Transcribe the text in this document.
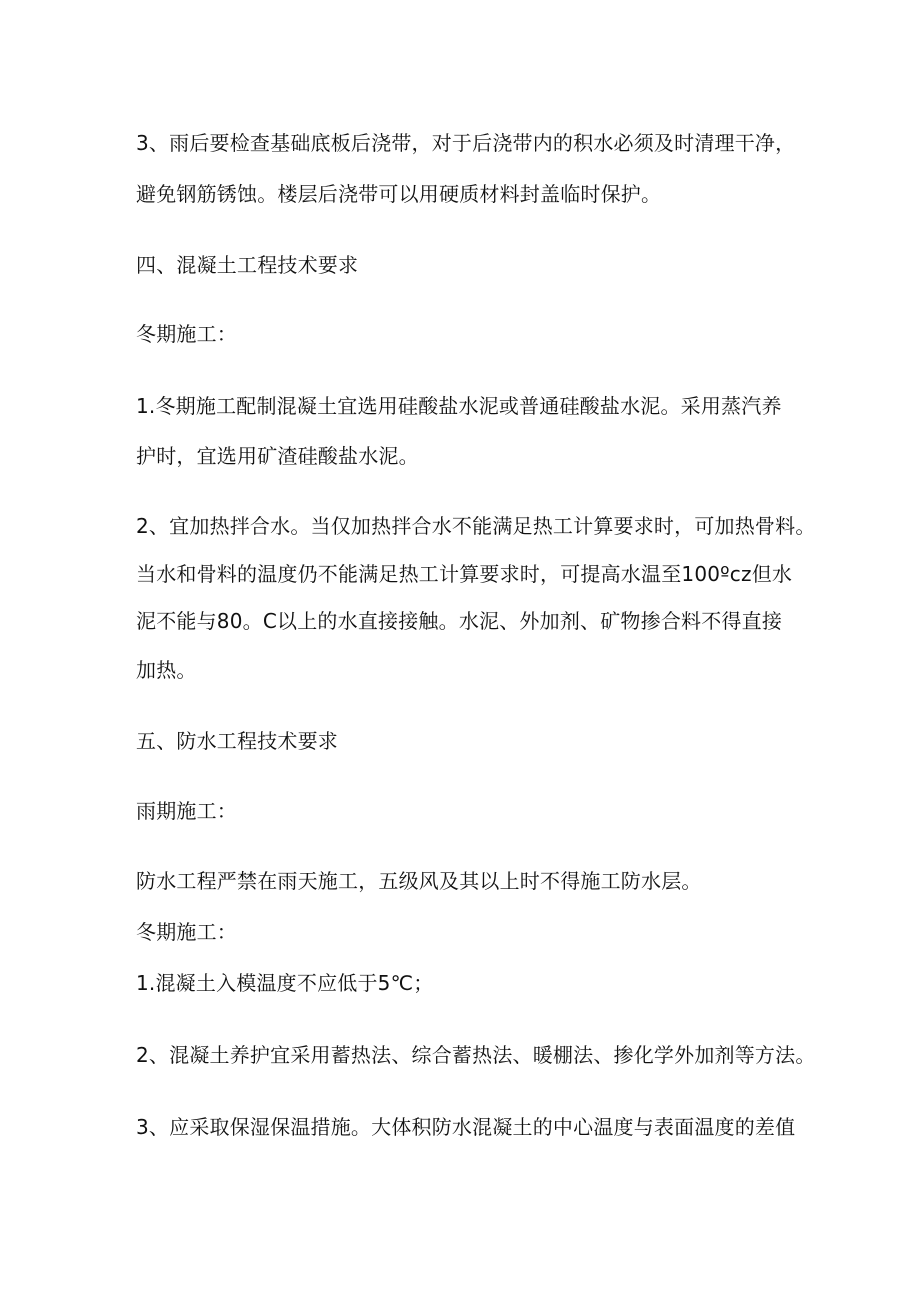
3、雨后要检查基础底板后浇带，对于后浇带内的积水必须及时清理干净，
避免钢筋锈蚀。楼层后浇带可以用硬质材料封盖临时保护。
四、混凝土工程技术要求
冬期施工：
1.冬期施工配制混凝土宜选用硅酸盐水泥或普通硅酸盐水泥。采用蒸汽养
护时，宜选用矿渣硅酸盐水泥。
2、宜加热拌合水。当仅加热拌合水不能满足热工计算要求时，可加热骨料。
当水和骨料的温度仍不能满足热工计算要求时，可提高水温至100ºcz但水
泥不能与80。C以上的水直接接触。水泥、外加剂、矿物掺合料不得直接
加热。
五、防水工程技术要求
雨期施工：
防水工程严禁在雨天施工，五级风及其以上时不得施工防水层。
冬期施工：
1.混凝土入模温度不应低于5℃；
2、混凝土养护宜采用蓄热法、综合蓄热法、暖棚法、掺化学外加剂等方法。
3、应采取保湿保温措施。大体积防水混凝土的中心温度与表面温度的差值
